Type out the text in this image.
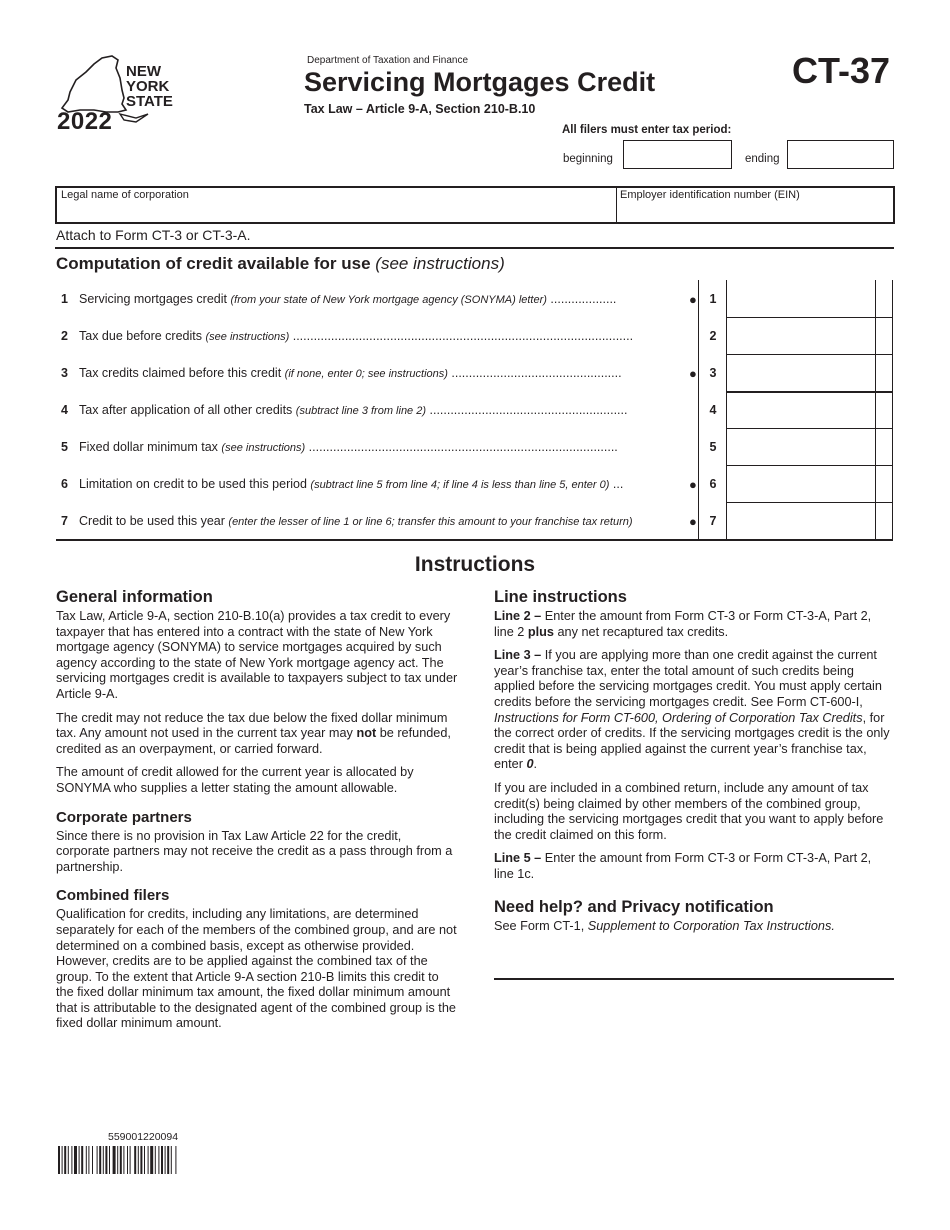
NEW
YORK
STATE
2022
Department of Taxation and Finance
Servicing Mortgages Credit
Tax Law – Article 9-A, Section 210-B.10
CT-37
All filers must enter tax period:
beginning	ending
Legal name of corporation	Employer identification number (EIN)
Attach to Form CT-3 or CT-3-A.
Computation of credit available for use (see instructions)
1 Servicing mortgages credit (from your state of New York mortgage agency (SONYMA) letter) ...................	●	1
2 Tax due before credits (see instructions) ..................................................................................................	2
3 Tax credits claimed before this credit (if none, enter 0; see instructions) .................................................	●	3
4 Tax after application of all other credits (subtract line 3 from line 2) .........................................................	4
5 Fixed dollar minimum tax (see instructions) .........................................................................................	5
6 Limitation on credit to be used this period (subtract line 5 from line 4; if line 4 is less than line 5, enter 0) ...	●	6
7 Credit to be used this year (enter the lesser of line 1 or line 6; transfer this amount to your franchise tax return)	●	7
Instructions
General information

Tax Law, Article 9-A, section 210-B.10(a) provides a tax credit to every taxpayer that has entered into a contract with the state of New York mortgage agency (SONYMA) to service mortgages acquired by such agency according to the state of New York mortgage agency act. The servicing mortgages credit is available to taxpayers subject to tax under Article 9-A.

The credit may not reduce the tax due below the fixed dollar minimum tax. Any amount not used in the current tax year may not be refunded, credited as an overpayment, or carried forward.

The amount of credit allowed for the current year is allocated by SONYMA who supplies a letter stating the amount allowable.

Corporate partners

Since there is no provision in Tax Law Article 22 for the credit, corporate partners may not receive the credit as a pass through from a partnership.

Combined filers

Qualification for credits, including any limitations, are determined separately for each of the members of the combined group, and are not determined on a combined basis, except as otherwise provided. However, credits are to be applied against the combined tax of the group. To the extent that Article 9-A section 210-B limits this credit to the fixed dollar minimum tax amount, the fixed dollar minimum amount that is attributable to the designated agent of the combined group is the fixed dollar minimum amount.

Line instructions

Line 2 – Enter the amount from Form CT-3 or Form CT-3-A, Part 2, line 2 plus any net recaptured tax credits.

Line 3 – If you are applying more than one credit against the current year’s franchise tax, enter the total amount of such credits being applied before the servicing mortgages credit. You must apply certain credits before the servicing mortgages credit. See Form CT-600-I, Instructions for Form CT-600, Ordering of Corporation Tax Credits, for the correct order of credits. If the servicing mortgages credit is the only credit that is being applied against the current year’s franchise tax, enter 0.

If you are included in a combined return, include any amount of tax credit(s) being claimed by other members of the combined group, including the servicing mortgages credit that you want to apply before the credit claimed on this form.

Line 5 – Enter the amount from Form CT-3 or Form CT-3-A, Part 2, line 1c.

Need help? and Privacy notification

See Form CT-1, Supplement to Corporation Tax Instructions.

559001220094
